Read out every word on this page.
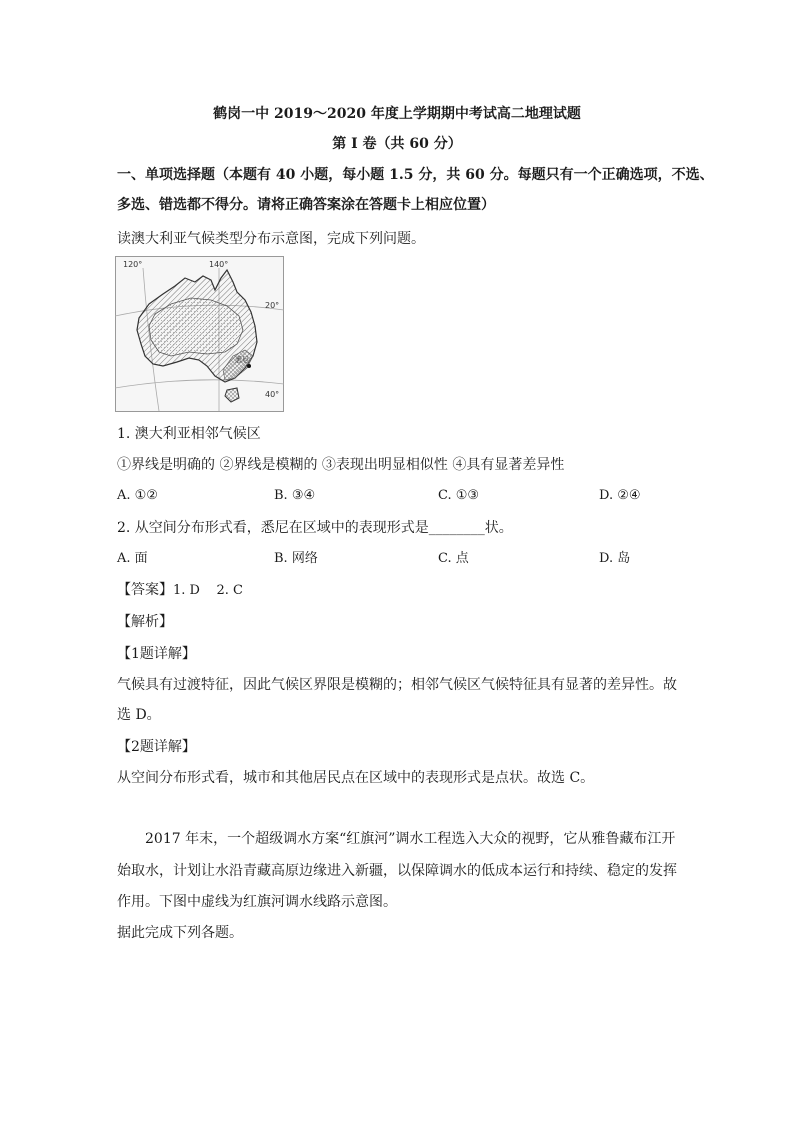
鹤岗一中 2019～2020 年度上学期期中考试高二地理试题
第 I 卷（共 60 分）
一、单项选择题（本题有 40 小题，每小题 1.5 分，共 60 分。每题只有一个正确选项，不选、
多选、错选都不得分。请将正确答案涂在答题卡上相应位置）
读澳大利亚气候类型分布示意图，完成下列问题。
120°	140°
20°
40°
悉尼
1. 澳大利亚相邻气候区
①界线是明确的 ②界线是模糊的 ③表现出明显相似性 ④具有显著差异性
A. ①②	B. ③④	C. ①③	D. ②④
2. 从空间分布形式看，悉尼在区域中的表现形式是________状。
A. 面	B. 网络	C. 点	D. 岛
【答案】1. D    2. C
【解析】
【1题详解】
气候具有过渡特征，因此气候区界限是模糊的；相邻气候区气候特征具有显著的差异性。故
选 D。
【2题详解】
从空间分布形式看，城市和其他居民点在区域中的表现形式是点状。故选 C。
2017 年末，一个超级调水方案“红旗河”调水工程选入大众的视野，它从雅鲁藏布江开
始取水，计划让水沿青藏高原边缘进入新疆，以保障调水的低成本运行和持续、稳定的发挥
作用。下图中虚线为红旗河调水线路示意图。
据此完成下列各题。
